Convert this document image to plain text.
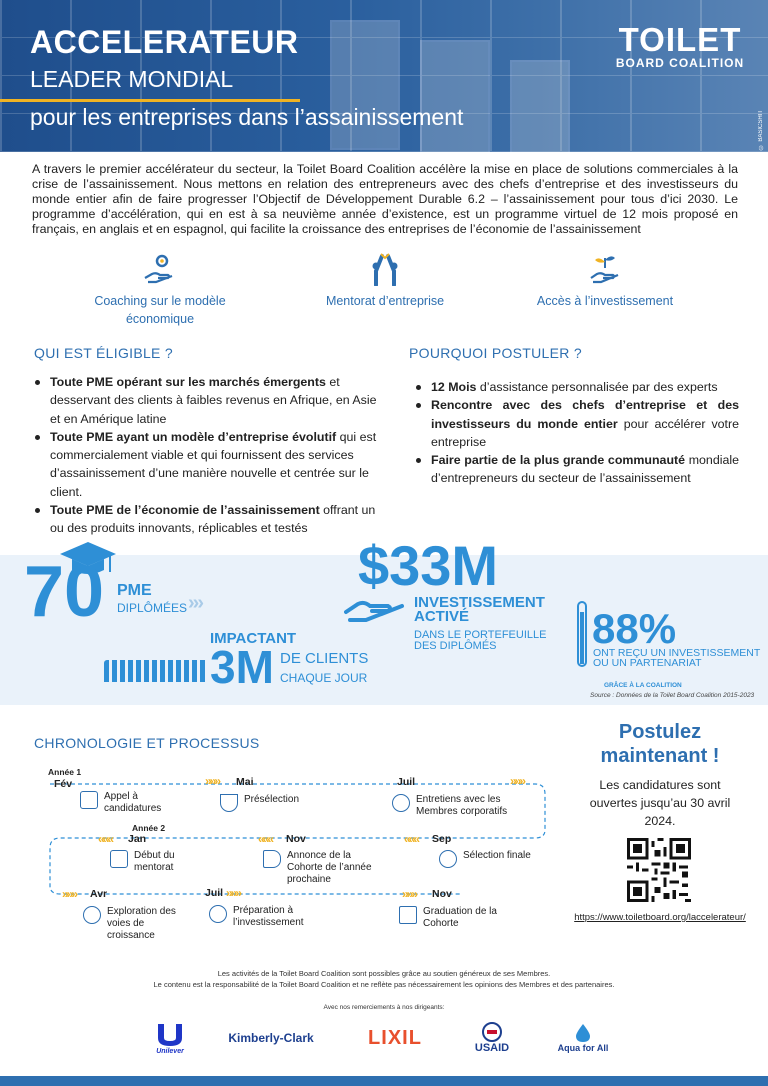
ACCELERATEUR
LEADER MONDIAL
pour les entreprises dans l’assainissement
TOILET
BOARD COALITION
© BASICSHIT

A travers le premier accélérateur du secteur, la Toilet Board Coalition accélère la mise en place de solutions commerciales à la crise de l’assainissement. Nous mettons en relation des entrepreneurs avec des chefs d’entreprise et des investisseurs du monde entier afin de faire progresser l’Objectif de Développement Durable 6.2 – l’assainissement pour tous d’ici 2030. Le programme d’accélération, qui en est à sa neuvième année d’existence, est un programme virtuel de 12 mois proposé en français, en anglais et en espagnol, qui facilite la croissance des entreprises de l’économie de l’assainissement

Coaching sur le modèle économique
Mentorat d’entreprise	Accès à l’investissement
QUI EST ÉLIGIBLE ?
Toute PME opérant sur les marchés émergents et desservant des clients à faibles revenus en Afrique, en Asie et en Amérique latine
Toute PME ayant un modèle d’entreprise évolutif qui est commercialement viable et qui fournissent des services d’assainissement d’une manière nouvelle et centrée sur le client.
Toute PME de l’économie de l’assainissement offrant un ou des produits innovants, réplicables et testés
POURQUOI POSTULER ?
12 Mois d’assistance personnalisée par des experts
Rencontre avec des chefs d’entreprise et des investisseurs du monde entier pour accélérer votre entreprise
Faire partie de la plus grande communauté mondiale d’entrepreneurs du secteur de l’assainissement
70 PME
DIPLÔMÉES ›››
$33M
INVESTISSEMENT ACTIVÉ
DANS LE PORTEFEUILLE DES DIPLÔMÉS
IMPACTANT
3M DE CLIENTS
CHAQUE JOUR
88%
ONT REÇU UN INVESTISSEMENT OU UN PARTENARIAT
GRÂCE À LA COALITION
Source : Données de la Toilet Board Coalition 2015-2023
CHRONOLOGIE ET PROCESSUS
Année 1
Fév	»»» Mai	Juil	»»»
Appel à candidatures
Présélection	Entretiens avec les Membres corporatifs
Année 2
««« Jan	««« Nov	««« Sep
Début du mentorat
Annonce de la Cohorte de l’année prochaine
Sélection finale
»»» Avr	Juil »»»	»»» Nov
Exploration des voies de croissance
Préparation à l’investissement
Graduation de la Cohorte
Postulez maintenant !
Les candidatures sont ouvertes jusqu’au 30 avril 2024.
https://www.toiletboard.org/laccelerateur/
Les activités de la Toilet Board Coalition sont possibles grâce au soutien généreux de ses Membres.
Le contenu est la responsabilité de la Toilet Board Coalition et ne reflète pas nécessairement les opinions des Membres et des partenaires.
Avec nos remerciements à nos dirigeants:
Unilever
Kimberly-Clark	LIXIL	USAID	Aqua for All
